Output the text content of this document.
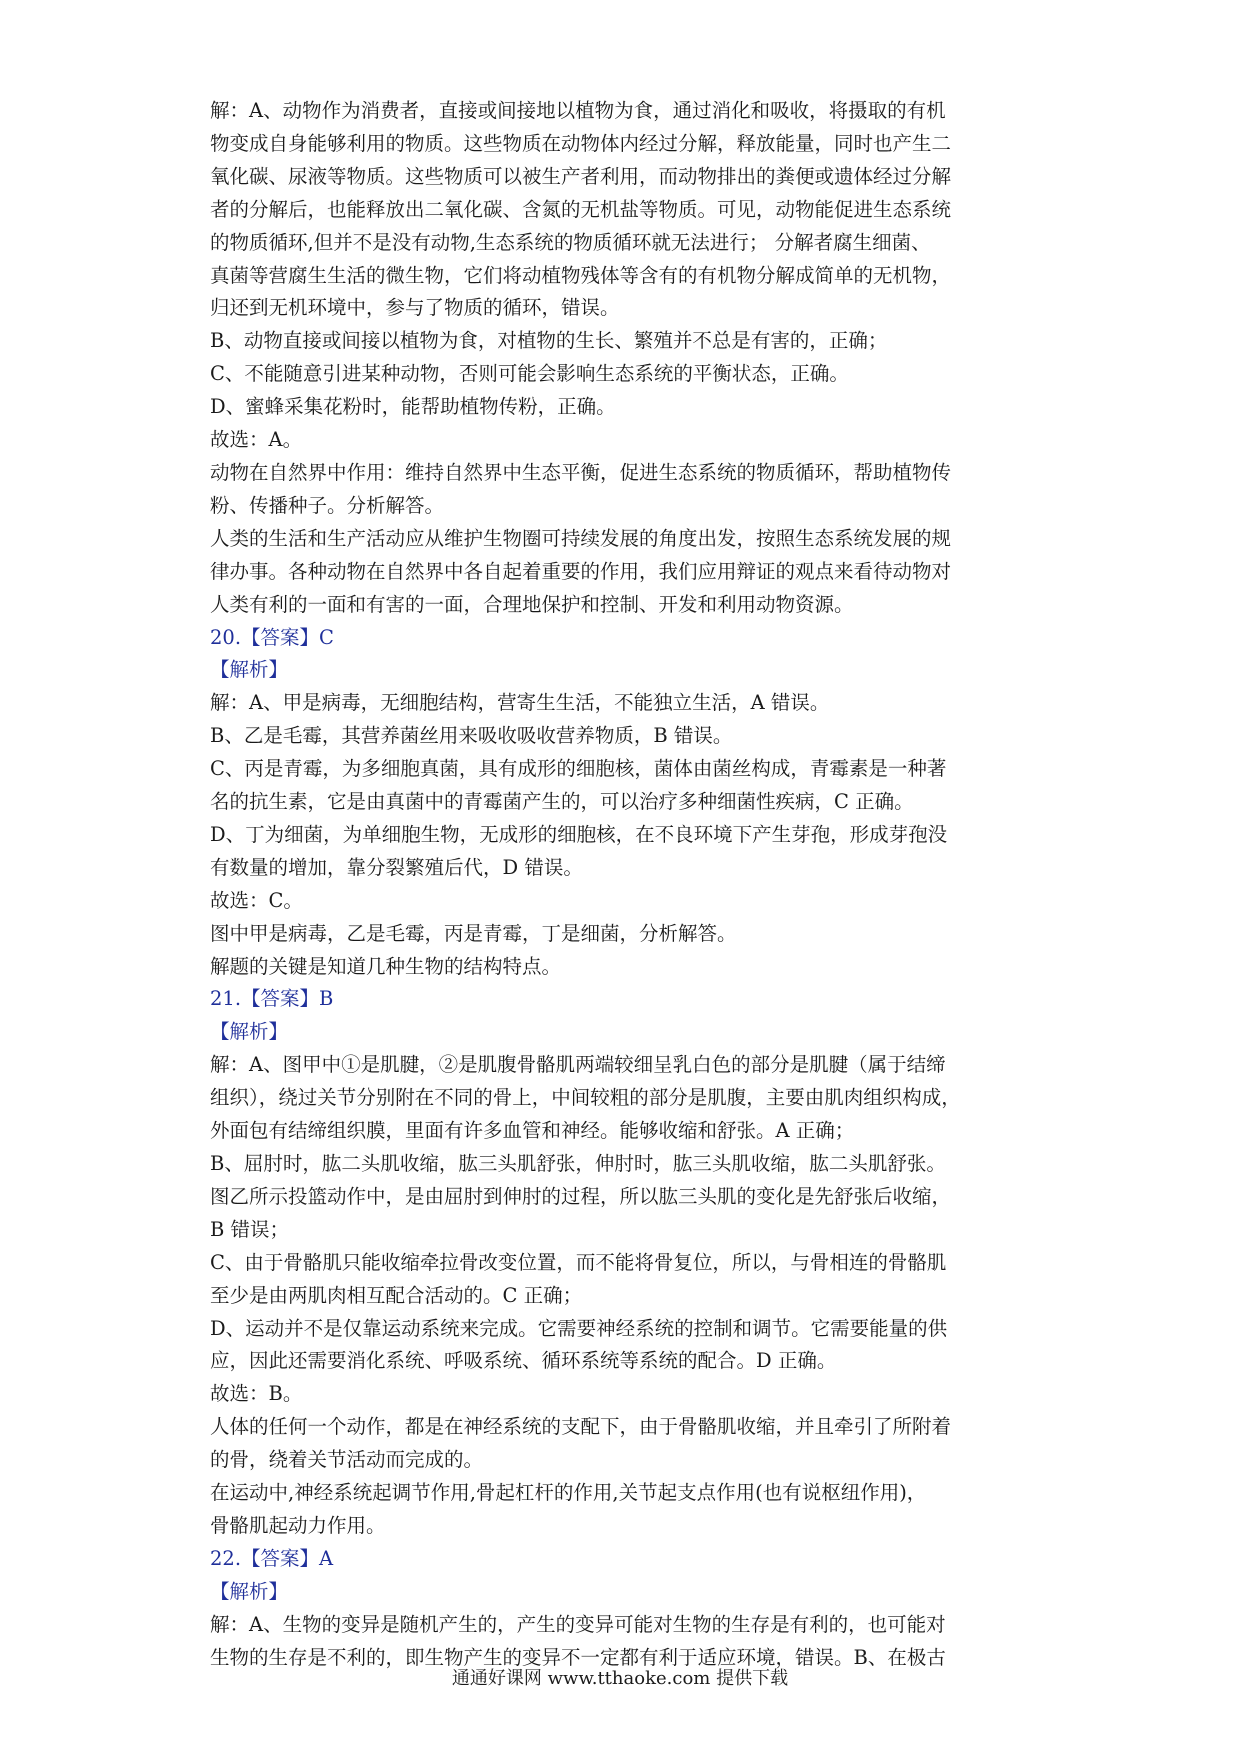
解：A、动物作为消费者，直接或间接地以植物为食，通过消化和吸收，将摄取的有机

物变成自身能够利用的物质。这些物质在动物体内经过分解，释放能量，同时也产生二

氧化碳、尿液等物质。这些物质可以被生产者利用，而动物排出的粪便或遗体经过分解

者的分解后，也能释放出二氧化碳、含氮的无机盐等物质。可见，动物能促进生态系统

的物质循环,但并不是没有动物,生态系统的物质循环就无法进行； 分解者腐生细菌、

真菌等营腐生生活的微生物，它们将动植物残体等含有的有机物分解成简单的无机物，

归还到无机环境中，参与了物质的循环，错误。

B、动物直接或间接以植物为食，对植物的生长、繁殖并不总是有害的，正确；

C、不能随意引进某种动物，否则可能会影响生态系统的平衡状态，正确。

D、蜜蜂采集花粉时，能帮助植物传粉，正确。

故选：A。

动物在自然界中作用：维持自然界中生态平衡，促进生态系统的物质循环，帮助植物传

粉、传播种子。分析解答。

人类的生活和生产活动应从维护生物圈可持续发展的角度出发，按照生态系统发展的规

律办事。各种动物在自然界中各自起着重要的作用，我们应用辩证的观点来看待动物对

人类有利的一面和有害的一面，合理地保护和控制、开发和利用动物资源。

20.【答案】C

【解析】

解：A、甲是病毒，无细胞结构，营寄生生活，不能独立生活，A 错误。

B、乙是毛霉，其营养菌丝用来吸收吸收营养物质，B 错误。

C、丙是青霉，为多细胞真菌，具有成形的细胞核，菌体由菌丝构成，青霉素是一种著

名的抗生素，它是由真菌中的青霉菌产生的，可以治疗多种细菌性疾病，C 正确。

D、丁为细菌，为单细胞生物，无成形的细胞核，在不良环境下产生芽孢，形成芽孢没

有数量的增加，靠分裂繁殖后代，D 错误。

故选：C。

图中甲是病毒，乙是毛霉，丙是青霉，丁是细菌，分析解答。

解题的关键是知道几种生物的结构特点。

21.【答案】B

【解析】

解：A、图甲中①是肌腱，②是肌腹骨骼肌两端较细呈乳白色的部分是肌腱（属于结缔

组织），绕过关节分别附在不同的骨上，中间较粗的部分是肌腹，主要由肌肉组织构成，

外面包有结缔组织膜，里面有许多血管和神经。能够收缩和舒张。A 正确；

B、屈肘时，肱二头肌收缩，肱三头肌舒张，伸肘时，肱三头肌收缩，肱二头肌舒张。

图乙所示投篮动作中，是由屈肘到伸肘的过程，所以肱三头肌的变化是先舒张后收缩，

B 错误；

C、由于骨骼肌只能收缩牵拉骨改变位置，而不能将骨复位，所以，与骨相连的骨骼肌

至少是由两肌肉相互配合活动的。C 正确；

D、运动并不是仅靠运动系统来完成。它需要神经系统的控制和调节。它需要能量的供

应，因此还需要消化系统、呼吸系统、循环系统等系统的配合。D 正确。

故选：B。

人体的任何一个动作，都是在神经系统的支配下，由于骨骼肌收缩，并且牵引了所附着

的骨，绕着关节活动而完成的。

在运动中,神经系统起调节作用,骨起杠杆的作用,关节起支点作用(也有说枢纽作用)，

骨骼肌起动力作用。

22.【答案】A

【解析】

解：A、生物的变异是随机产生的，产生的变异可能对生物的生存是有利的，也可能对

生物的生存是不利的，即生物产生的变异不一定都有利于适应环境，错误。B、在极古

通通好课网 www.tthaoke.com 提供下载
